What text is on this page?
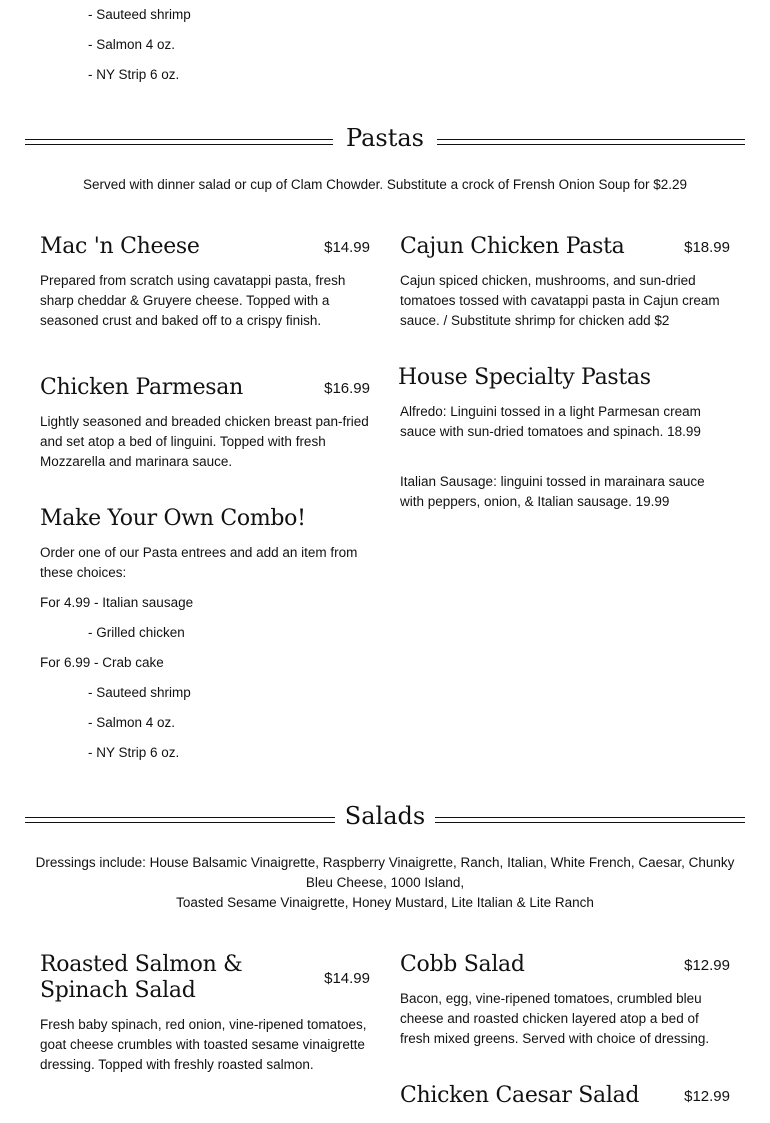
- Sauteed shrimp
- Salmon 4 oz.
- NY Strip 6 oz.
Pastas
Served with dinner salad or cup of Clam Chowder. Substitute a crock of Frensh Onion Soup for $2.29
Mac 'n Cheese	$14.99
Prepared from scratch using cavatappi pasta, fresh sharp cheddar & Gruyere cheese. Topped with a seasoned crust and baked off to a crispy finish.
Cajun Chicken Pasta	$18.99
Cajun spiced chicken, mushrooms, and sun-dried tomatoes tossed with cavatappi pasta in Cajun cream sauce. / Substitute shrimp for chicken add $2
Chicken Parmesan	$16.99
Lightly seasoned and breaded chicken breast pan-fried and set atop a bed of linguini. Topped with fresh Mozzarella and marinara sauce.
House Specialty Pastas
Alfredo: Linguini tossed in a light Parmesan cream sauce with sun-dried tomatoes and spinach. 18.99
Italian Sausage: linguini tossed in marainara sauce with peppers, onion, & Italian sausage. 19.99
Make Your Own Combo!
Order one of our Pasta entrees and add an item from these choices:
For 4.99 - Italian sausage
- Grilled chicken
For 6.99 - Crab cake
- Sauteed shrimp
- Salmon 4 oz.
- NY Strip 6 oz.
Salads
Dressings include: House Balsamic Vinaigrette, Raspberry Vinaigrette, Ranch, Italian, White French, Caesar, Chunky
Bleu Cheese, 1000 Island,
Toasted Sesame Vinaigrette, Honey Mustard, Lite Italian & Lite Ranch
Roasted Salmon & Spinach Salad	$14.99
Fresh baby spinach, red onion, vine-ripened tomatoes, goat cheese crumbles with toasted sesame vinaigrette dressing. Topped with freshly roasted salmon.
Cobb Salad	$12.99
Bacon, egg, vine-ripened tomatoes, crumbled bleu cheese and roasted chicken layered atop a bed of fresh mixed greens. Served with choice of dressing.
Chicken Caesar Salad	$12.99
